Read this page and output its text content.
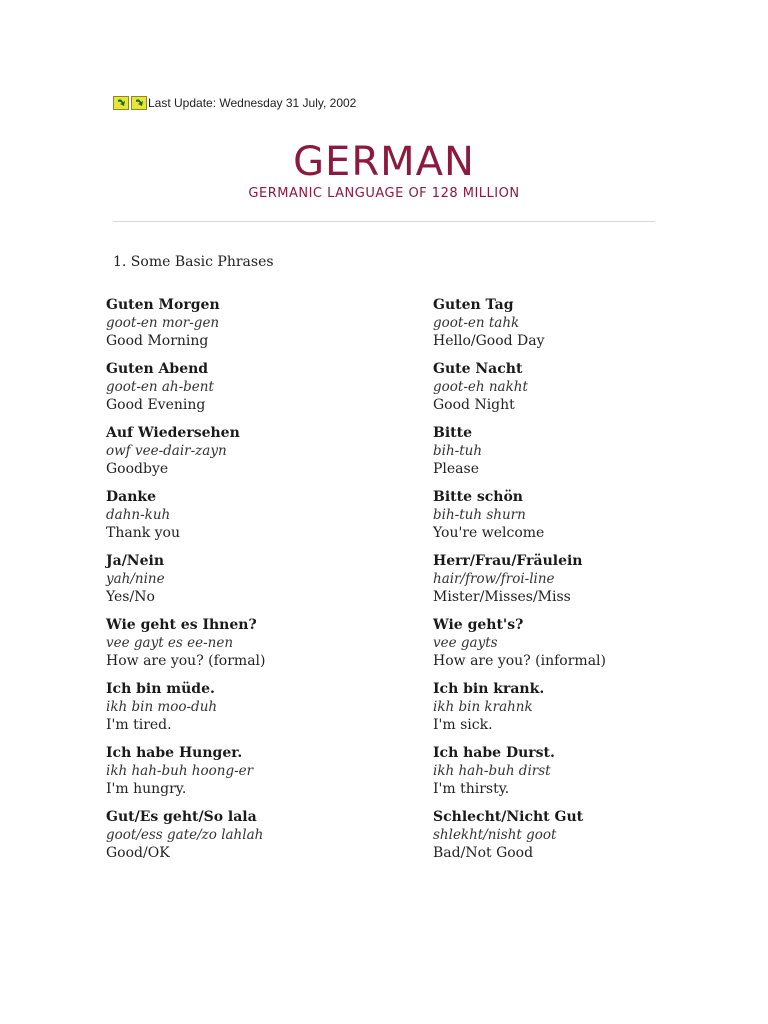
Last Update: Wednesday 31 July, 2002
GERMAN
GERMANIC LANGUAGE OF 128 MILLION
1. Some Basic Phrases
Guten Morgen
goot-en mor-gen
Good Morning
Guten Tag
goot-en tahk
Hello/Good Day
Guten Abend
goot-en ah-bent
Good Evening
Gute Nacht
goot-eh nakht
Good Night
Auf Wiedersehen
owf vee-dair-zayn
Goodbye
Bitte
bih-tuh
Please
Danke
dahn-kuh
Thank you
Bitte schön
bih-tuh shurn
You're welcome
Ja/Nein
yah/nine
Yes/No
Herr/Frau/Fräulein
hair/frow/froi-line
Mister/Misses/Miss
Wie geht es Ihnen?
vee gayt es ee-nen
How are you? (formal)
Wie geht's?
vee gayts
How are you? (informal)
Ich bin müde.
ikh bin moo-duh
I'm tired.
Ich bin krank.
ikh bin krahnk
I'm sick.
Ich habe Hunger.
ikh hah-buh hoong-er
I'm hungry.
Ich habe Durst.
ikh hah-buh dirst
I'm thirsty.
Gut/Es geht/So lala
goot/ess gate/zo lahlah
Good/OK
Schlecht/Nicht Gut
shlekht/nisht goot
Bad/Not Good
